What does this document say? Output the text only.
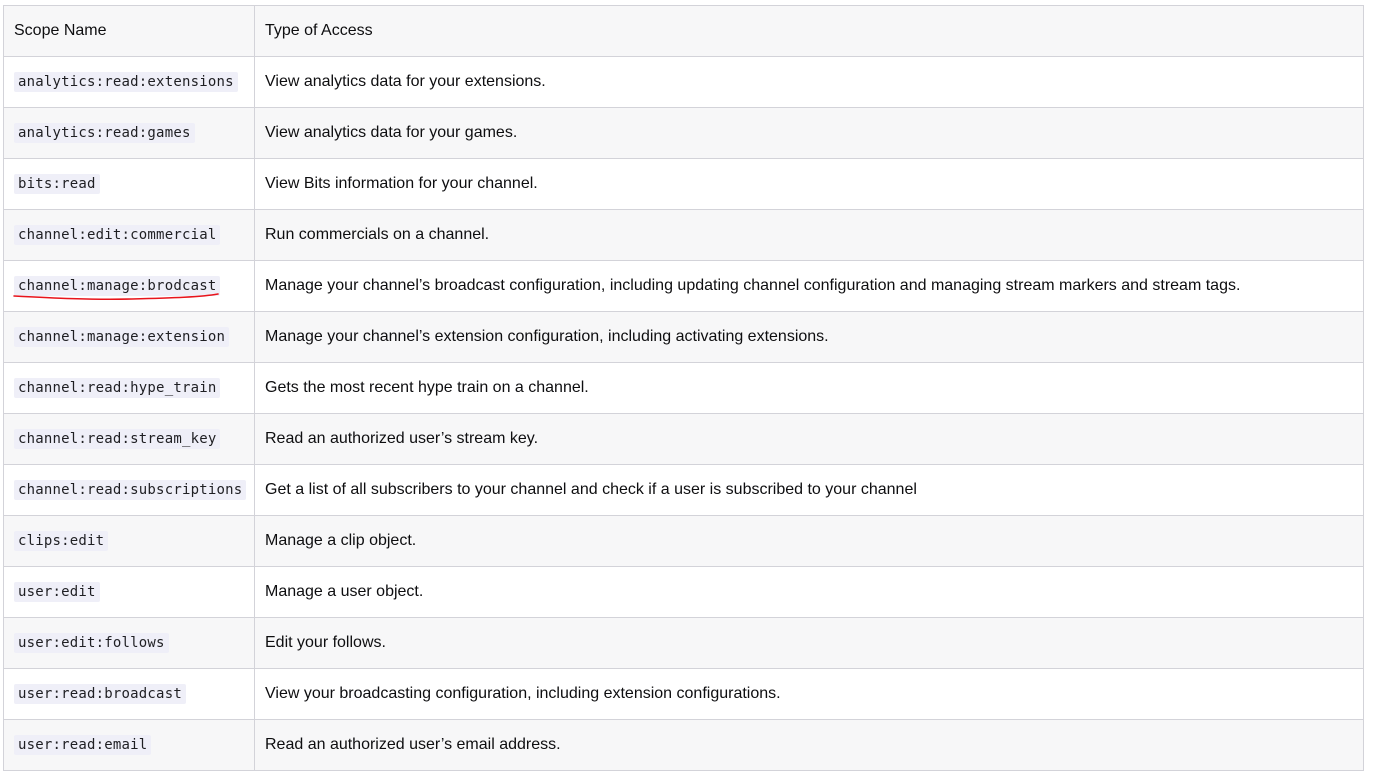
Scope Name	Type of Access
analytics:read:extensions	View analytics data for your extensions.
analytics:read:games	View analytics data for your games.
bits:read	View Bits information for your channel.
channel:edit:commercial	Run commercials on a channel.
channel:manage:brodcast	Manage your channel’s broadcast configuration, including updating channel configuration and managing stream markers and stream tags.
channel:manage:extension	Manage your channel’s extension configuration, including activating extensions.
channel:read:hype_train	Gets the most recent hype train on a channel.
channel:read:stream_key	Read an authorized user’s stream key.
channel:read:subscriptions	Get a list of all subscribers to your channel and check if a user is subscribed to your channel
clips:edit	Manage a clip object.
user:edit	Manage a user object.
user:edit:follows	Edit your follows.
user:read:broadcast	View your broadcasting configuration, including extension configurations.
user:read:email	Read an authorized user’s email address.
